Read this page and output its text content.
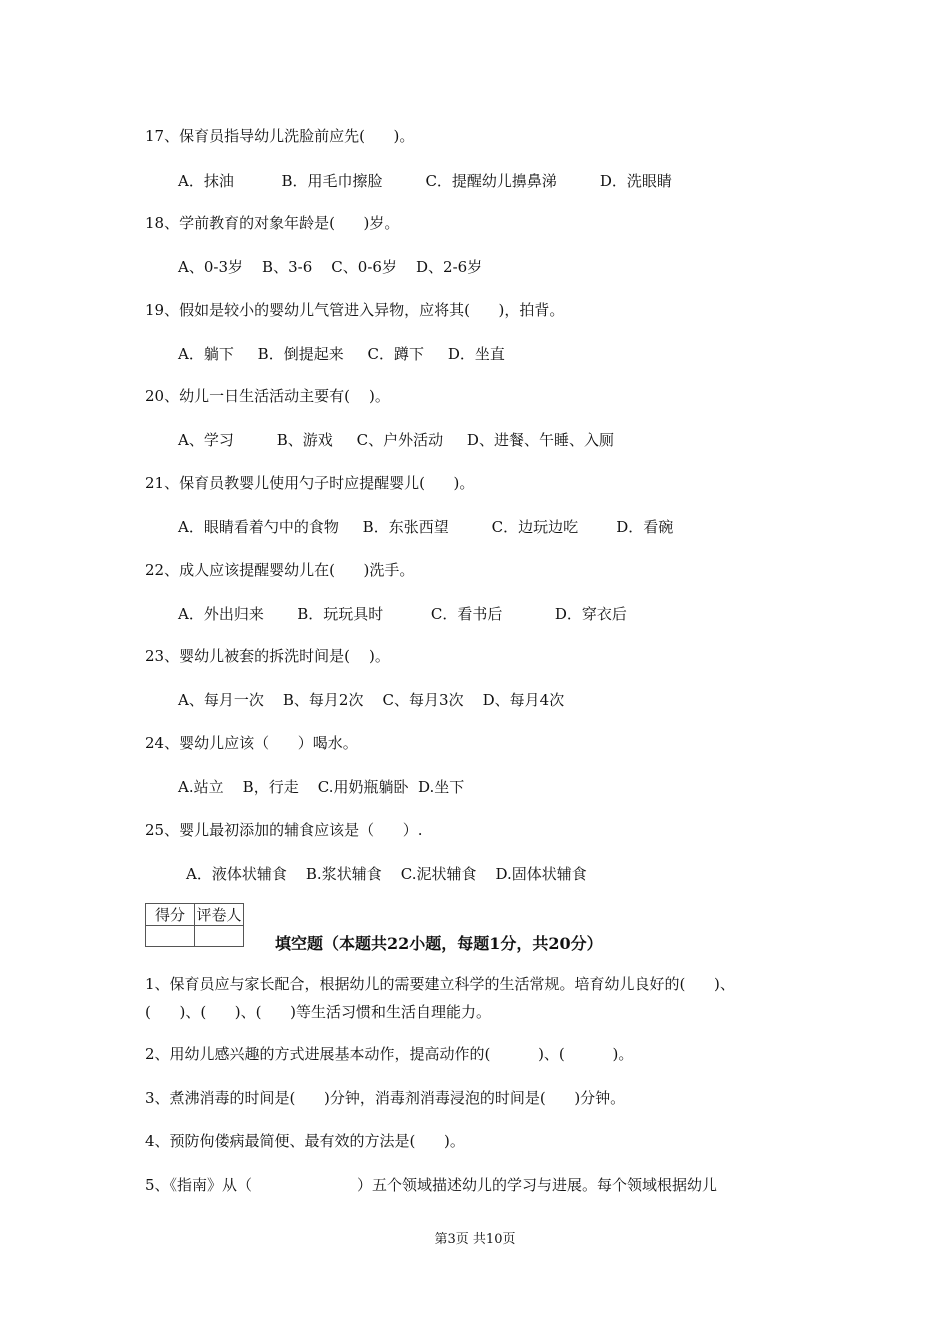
17、保育员指导幼儿洗脸前应先(      )。
A．抹油          B．用毛巾擦脸         C．提醒幼儿擤鼻涕         D．洗眼睛
18、学前教育的对象年龄是(      )岁。
A、0-3岁    B、3-6    C、0-6岁    D、2-6岁
19、假如是较小的婴幼儿气管进入异物，应将其(      )，拍背。
A．躺下     B．倒提起来     C．蹲下     D．坐直
20、幼儿一日生活活动主要有(    )。
A、学习         B、游戏     C、户外活动     D、进餐、午睡、入厕
21、保育员教婴儿使用勺子时应提醒婴儿(      )。
A．眼睛看着勺中的食物     B．东张西望         C．边玩边吃        D．看碗
22、成人应该提醒婴幼儿在(      )洗手。
A．外出归来       B．玩玩具时          C．看书后           D．穿衣后
23、婴幼儿被套的拆洗时间是(    )。
A、每月一次    B、每月2次    C、每月3次    D、每月4次
24、婴幼儿应该（      ）喝水。
A.站立    B，行走    C.用奶瓶躺卧  D.坐下
25、婴儿最初添加的辅食应该是（      ）.
A．液体状辅食    B.浆状辅食    C.泥状辅食    D.固体状辅食
得分	评卷人

填空题（本题共22小题，每题1分，共20分）
1、保育员应与家长配合，根据幼儿的需要建立科学的生活常规。培育幼儿良好的(      )、
(      )、(      )、(      )等生活习惯和生活自理能力。
2、用幼儿感兴趣的方式进展基本动作，提高动作的(          )、(          )。
3、煮沸消毒的时间是(      )分钟，消毒剂消毒浸泡的时间是(      )分钟。
4、预防佝偻病最简便、最有效的方法是(      )。
5、《指南》从（                      ）五个领域描述幼儿的学习与进展。每个领域根据幼儿
第3页 共10页
